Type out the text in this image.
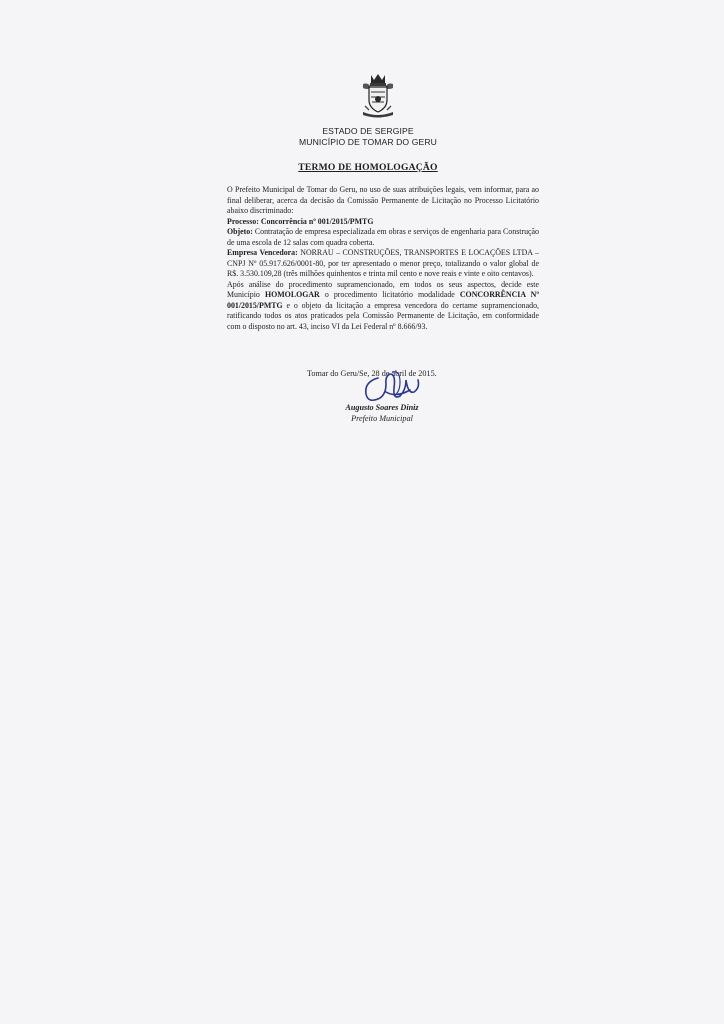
ESTADO DE SERGIPE
MUNICÍPIO DE TOMAR DO GERU
TERMO DE HOMOLOGAÇÃO

O Prefeito Municipal de Tomar do Geru, no uso de suas atribuições legais, vem informar, para ao final deliberar, acerca da decisão da Comissão Permanente de Licitação no Processo Licitatório abaixo discriminado:

Processo: Concorrência nº 001/2015/PMTG

Objeto: Contratação de empresa especializada em obras e serviços de engenharia para Construção de uma escola de 12 salas com quadra coberta.

Empresa Vencedora: NORRAU – CONSTRUÇÕES, TRANSPORTES E LOCAÇÕES LTDA – CNPJ Nº 05.917.626/0001-80, por ter apresentado o menor preço, totalizando o valor global de R$. 3.530.109,28 (três milhões quinhentos e trinta mil cento e nove reais e vinte e oito centavos).

Após análise do procedimento supramencionado, em todos os seus aspectos, decide este Município HOMOLOGAR o procedimento licitatório modalidade CONCORRÊNCIA Nº 001/2015/PMTG e o objeto da licitação a empresa vencedora do certame supramencionado, ratificando todos os atos praticados pela Comissão Permanente de Licitação, em conformidade com o disposto no art. 43, inciso VI da Lei Federal nº 8.666/93.

Tomar do Geru/Se, 28 de abril de 2015.
Augusto Soares Diniz
Prefeito Municipal
